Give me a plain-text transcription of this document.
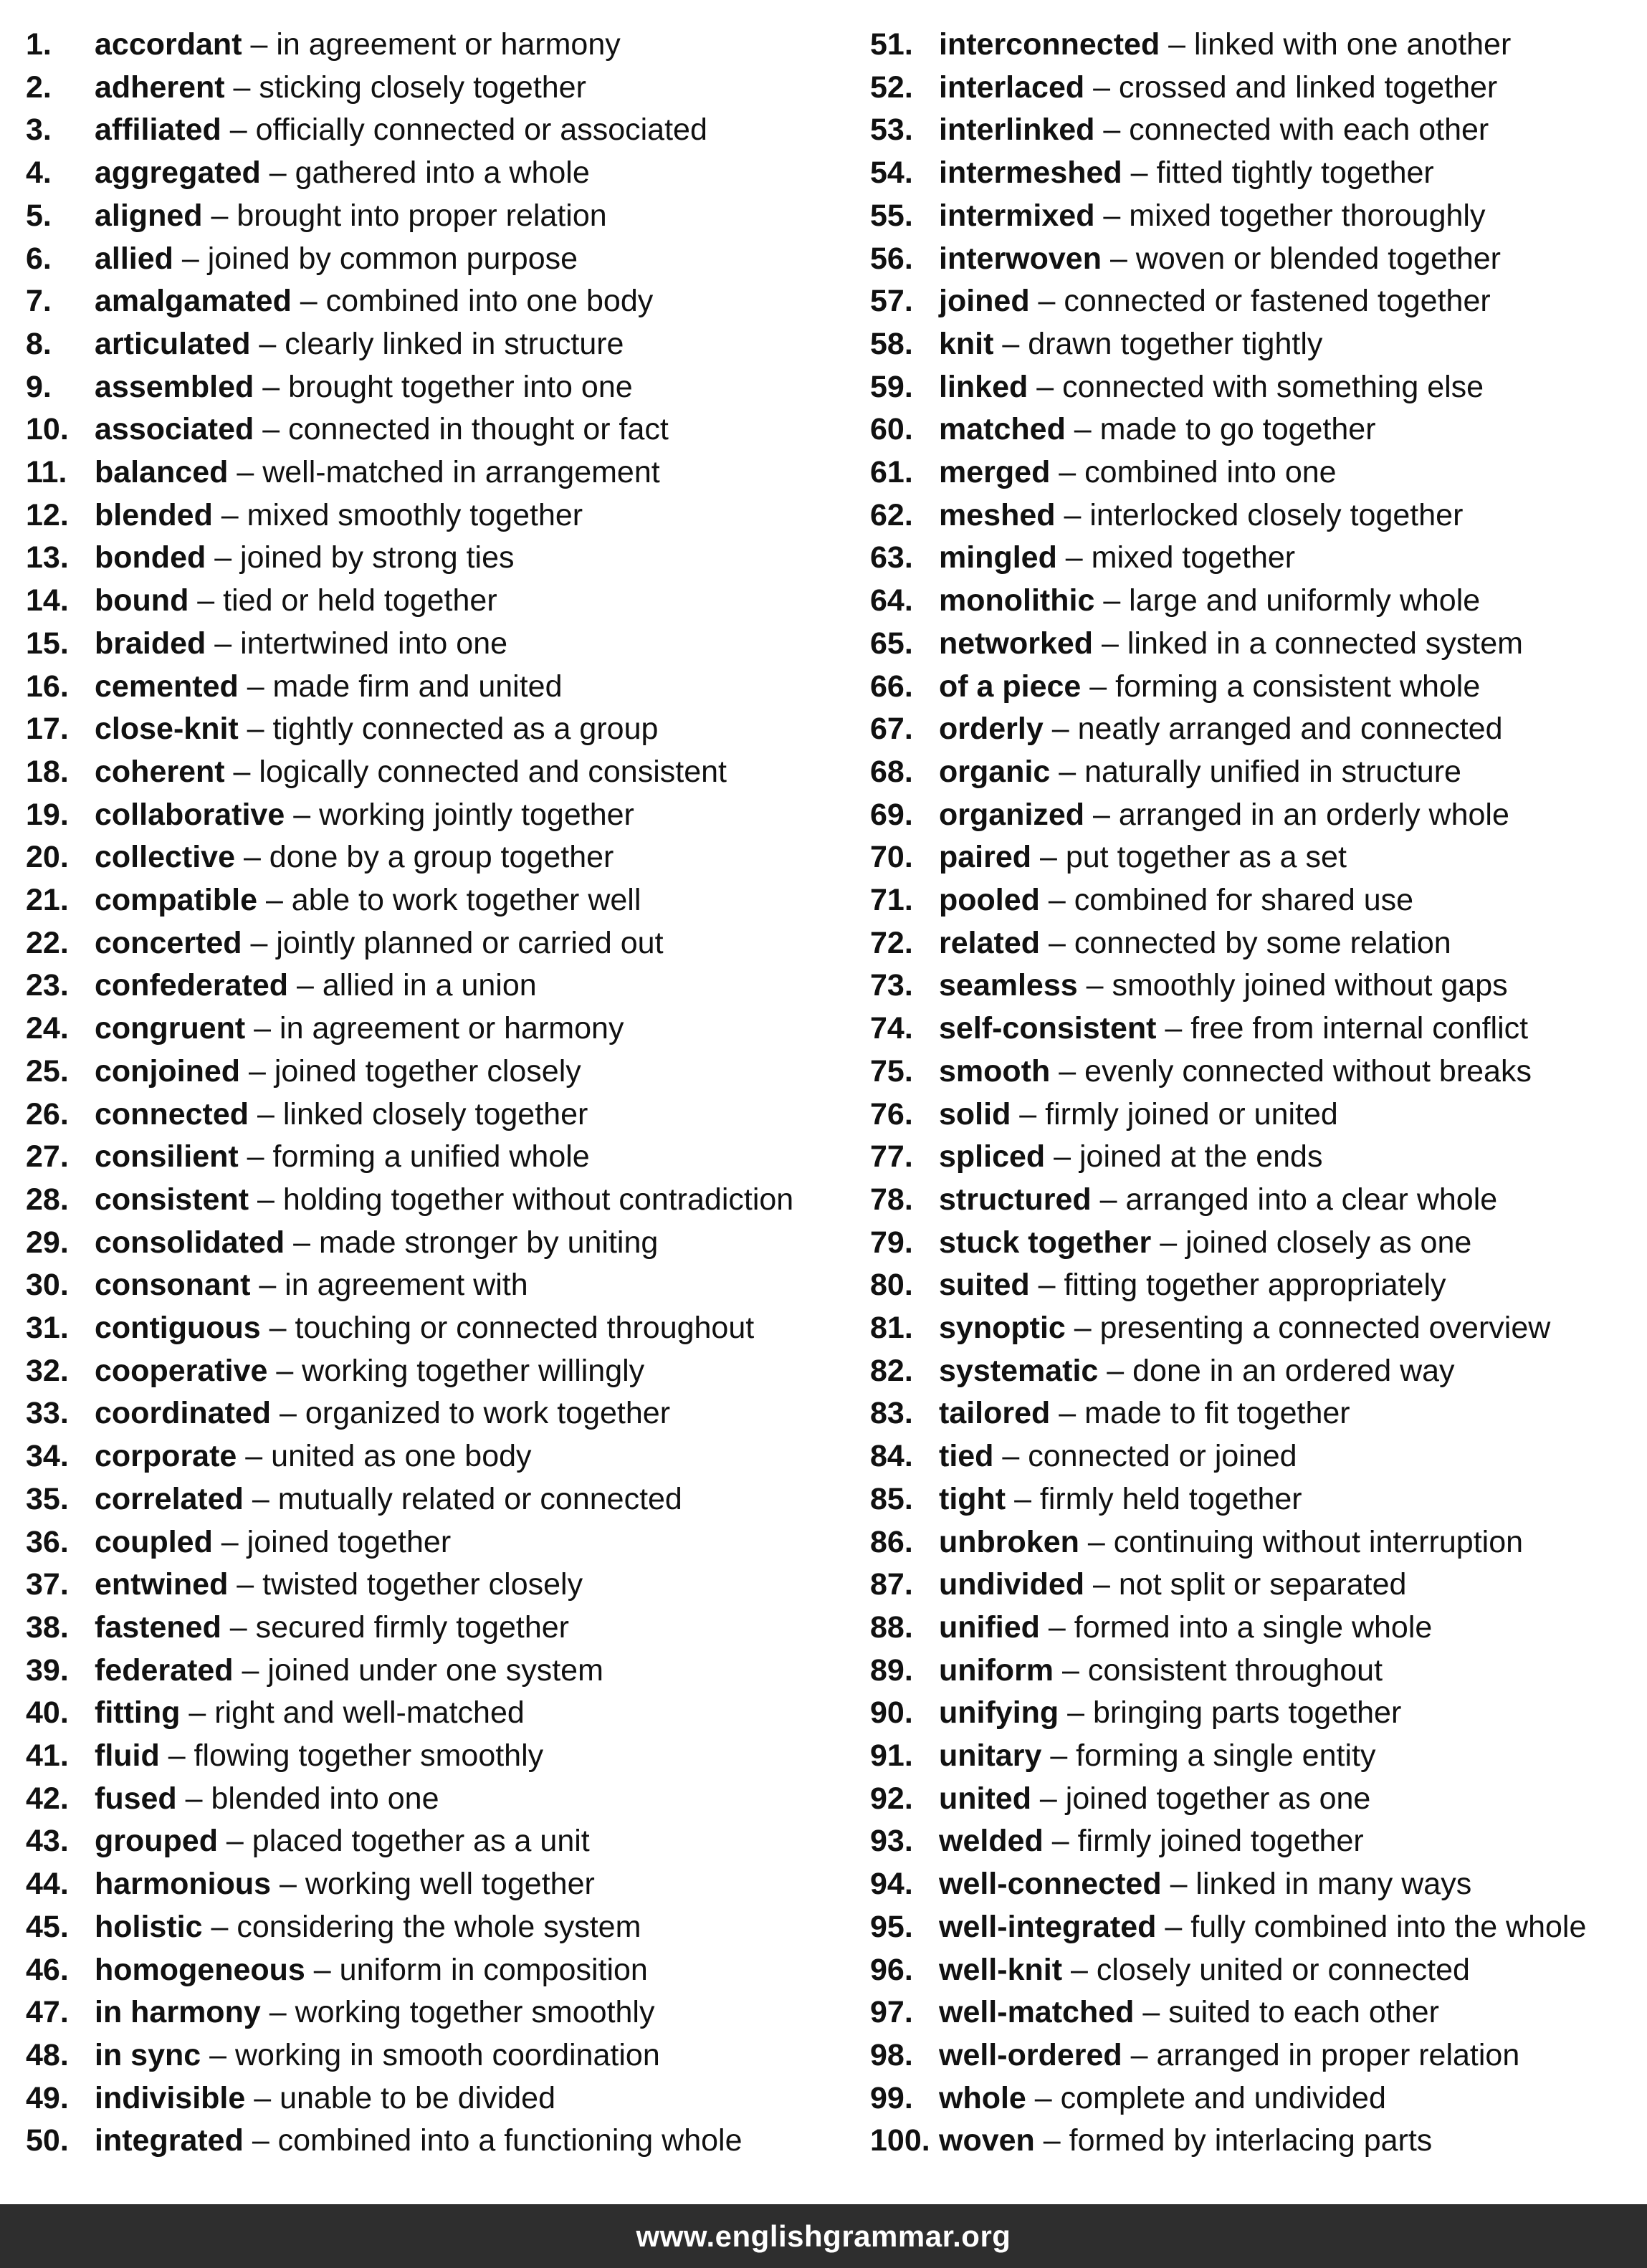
1. accordant – in agreement or harmony
2. adherent – sticking closely together
3. affiliated – officially connected or associated
4. aggregated – gathered into a whole
5. aligned – brought into proper relation
6. allied – joined by common purpose
7. amalgamated – combined into one body
8. articulated – clearly linked in structure
9. assembled – brought together into one
10. associated – connected in thought or fact
11. balanced – well-matched in arrangement
12. blended – mixed smoothly together
13. bonded – joined by strong ties
14. bound – tied or held together
15. braided – intertwined into one
16. cemented – made firm and united
17. close-knit – tightly connected as a group
18. coherent – logically connected and consistent
19. collaborative – working jointly together
20. collective – done by a group together
21. compatible – able to work together well
22. concerted – jointly planned or carried out
23. confederated – allied in a union
24. congruent – in agreement or harmony
25. conjoined – joined together closely
26. connected – linked closely together
27. consilient – forming a unified whole
28. consistent – holding together without contradiction
29. consolidated – made stronger by uniting
30. consonant – in agreement with
31. contiguous – touching or connected throughout
32. cooperative – working together willingly
33. coordinated – organized to work together
34. corporate – united as one body
35. correlated – mutually related or connected
36. coupled – joined together
37. entwined – twisted together closely
38. fastened – secured firmly together
39. federated – joined under one system
40. fitting – right and well-matched
41. fluid – flowing together smoothly
42. fused – blended into one
43. grouped – placed together as a unit
44. harmonious – working well together
45. holistic – considering the whole system
46. homogeneous – uniform in composition
47. in harmony – working together smoothly
48. in sync – working in smooth coordination
49. indivisible – unable to be divided
50. integrated – combined into a functioning whole
51. interconnected – linked with one another
52. interlaced – crossed and linked together
53. interlinked – connected with each other
54. intermeshed – fitted tightly together
55. intermixed – mixed together thoroughly
56. interwoven – woven or blended together
57. joined – connected or fastened together
58. knit – drawn together tightly
59. linked – connected with something else
60. matched – made to go together
61. merged – combined into one
62. meshed – interlocked closely together
63. mingled – mixed together
64. monolithic – large and uniformly whole
65. networked – linked in a connected system
66. of a piece – forming a consistent whole
67. orderly – neatly arranged and connected
68. organic – naturally unified in structure
69. organized – arranged in an orderly whole
70. paired – put together as a set
71. pooled – combined for shared use
72. related – connected by some relation
73. seamless – smoothly joined without gaps
74. self-consistent – free from internal conflict
75. smooth – evenly connected without breaks
76. solid – firmly joined or united
77. spliced – joined at the ends
78. structured – arranged into a clear whole
79. stuck together – joined closely as one
80. suited – fitting together appropriately
81. synoptic – presenting a connected overview
82. systematic – done in an ordered way
83. tailored – made to fit together
84. tied – connected or joined
85. tight – firmly held together
86. unbroken – continuing without interruption
87. undivided – not split or separated
88. unified – formed into a single whole
89. uniform – consistent throughout
90. unifying – bringing parts together
91. unitary – forming a single entity
92. united – joined together as one
93. welded – firmly joined together
94. well-connected – linked in many ways
95. well-integrated – fully combined into the whole
96. well-knit – closely united or connected
97. well-matched – suited to each other
98. well-ordered – arranged in proper relation
99. whole – complete and undivided
100. woven – formed by interlacing parts
www.englishgrammar.org
